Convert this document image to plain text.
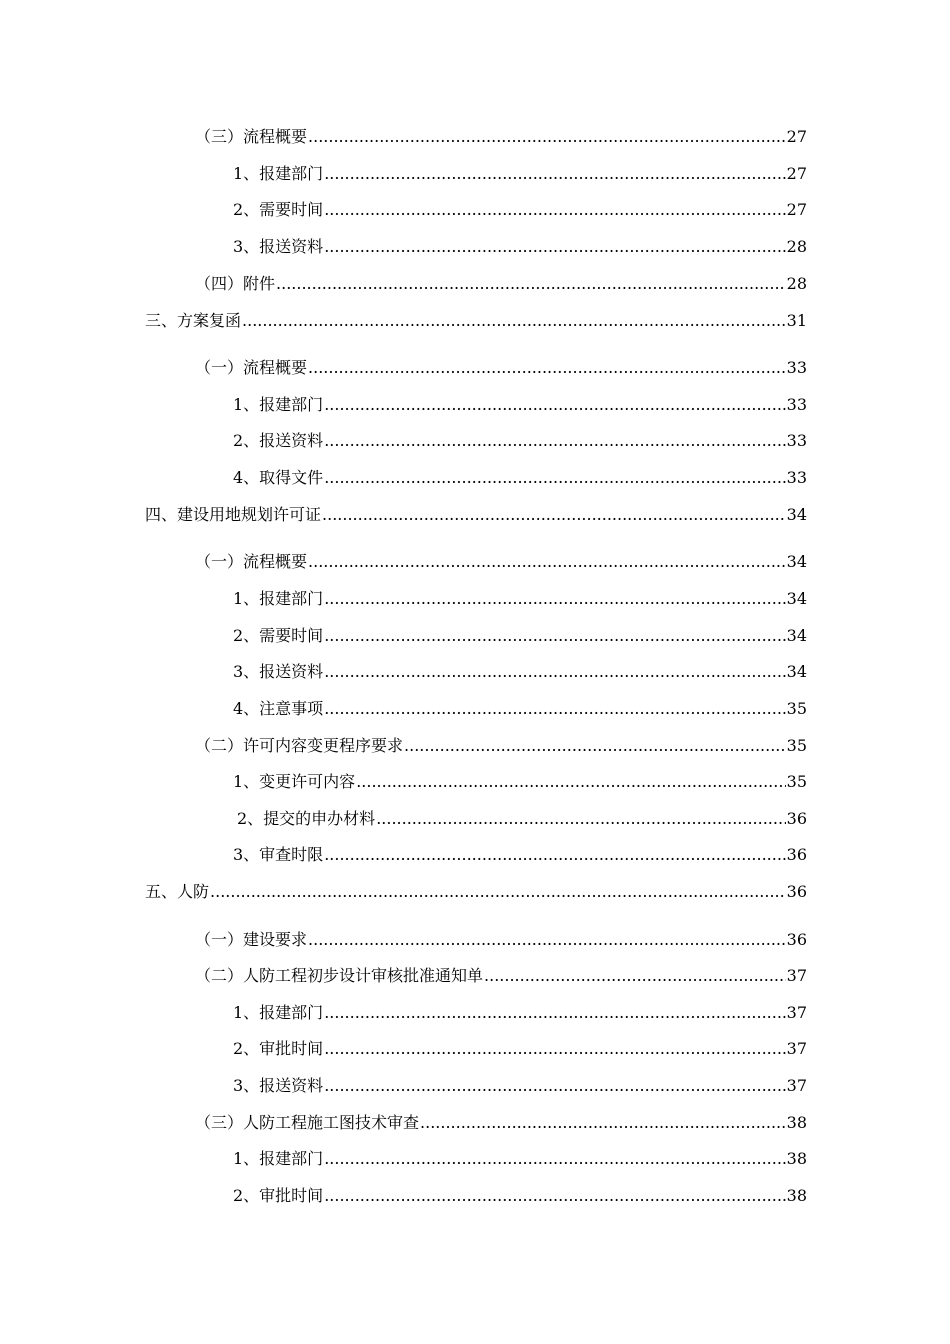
（三）流程概要 .....	27
1、报建部门 .....	27
2、需要时间 .....	27
3、报送资料 .....	28
（四）附件 .....	28
三、方案复函 .....	31
（一）流程概要 .....	33
1、报建部门 .....	33
2、报送资料 .....	33
4、取得文件 .....	33
四、建设用地规划许可证 .....	34
（一）流程概要 .....	34
1、报建部门 .....	34
2、需要时间 .....	34
3、报送资料 .....	34
4、注意事项 .....	35
（二）许可内容变更程序要求 .....	35
1、变更许可内容 .....	35
2、提交的申办材料 .....	36
3、审查时限 .....	36
五、人防 .....	36
（一）建设要求 .....	36
（二）人防工程初步设计审核批准通知单 .....	37
1、报建部门 .....	37
2、审批时间 .....	37
3、报送资料 .....	37
（三）人防工程施工图技术审查 .....	38
1、报建部门 .....	38
2、审批时间 .....	38
